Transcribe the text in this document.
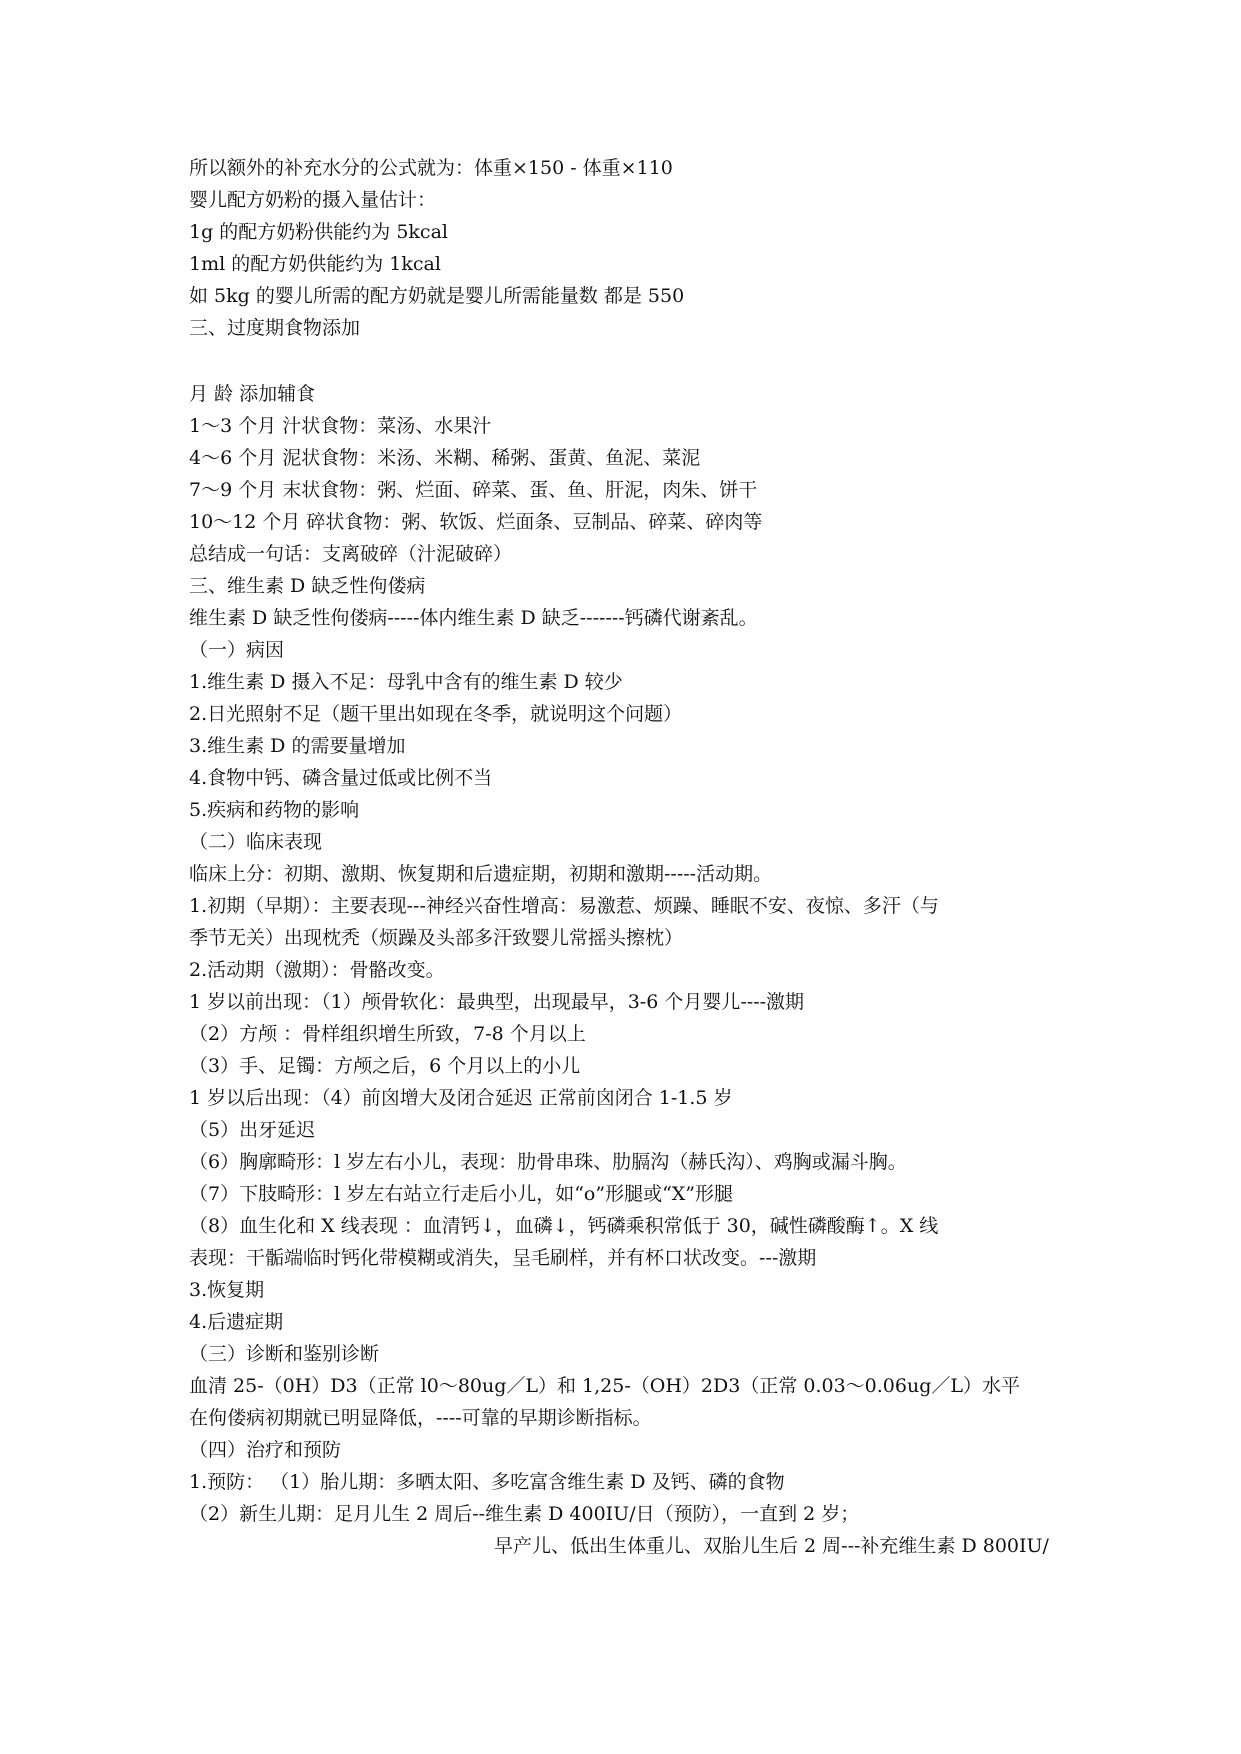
所以额外的补充水分的公式就为：体重×150 - 体重×110
婴儿配方奶粉的摄入量估计：
1g 的配方奶粉供能约为 5kcal
1ml 的配方奶供能约为 1kcal
如 5kg 的婴儿所需的配方奶就是婴儿所需能量数 都是 550
三、过度期食物添加
月 龄 添加辅食
1～3 个月 汁状食物：菜汤、水果汁
4～6 个月 泥状食物：米汤、米糊、稀粥、蛋黄、鱼泥、菜泥
7～9 个月 末状食物：粥、烂面、碎菜、蛋、鱼、肝泥，肉朱、饼干
10～12 个月 碎状食物：粥、软饭、烂面条、豆制品、碎菜、碎肉等
总结成一句话：支离破碎（汁泥破碎）
三、维生素 D 缺乏性佝偻病
维生素 D 缺乏性佝偻病-----体内维生素 D 缺乏-------钙磷代谢紊乱。
（一）病因
1.维生素 D 摄入不足：母乳中含有的维生素 D 较少
2.日光照射不足（题干里出如现在冬季，就说明这个问题）
3.维生素 D 的需要量增加
4.食物中钙、磷含量过低或比例不当
5.疾病和药物的影响
（二）临床表现
临床上分：初期、激期、恢复期和后遗症期，初期和激期-----活动期。
1.初期（早期）：主要表现---神经兴奋性增高：易激惹、烦躁、睡眠不安、夜惊、多汗（与
季节无关）出现枕秃（烦躁及头部多汗致婴儿常摇头擦枕）
2.活动期（激期）：骨骼改变。
1 岁以前出现：（1）颅骨软化：最典型，出现最早，3-6 个月婴儿----激期
（2）方颅 ：骨样组织增生所致，7-8 个月以上
（3）手、足镯：方颅之后，6 个月以上的小儿
1 岁以后出现：（4）前囟增大及闭合延迟 正常前囟闭合 1-1.5 岁
（5）出牙延迟
（6）胸廓畸形：l 岁左右小儿，表现：肋骨串珠、肋膈沟（赫氏沟）、鸡胸或漏斗胸。
（7）下肢畸形：l 岁左右站立行走后小儿，如“o”形腿或“X”形腿
（8）血生化和 X 线表现 ：血清钙↓，血磷↓，钙磷乘积常低于 30，碱性磷酸酶↑。X 线
表现：干骺端临时钙化带模糊或消失，呈毛刷样，并有杯口状改变。---激期
3.恢复期
4.后遗症期
（三）诊断和鉴别诊断
血清 25-（0H）D3（正常 l0～80ug／L）和 1,25-（OH）2D3（正常 0.03～0.06ug／L）水平
在佝偻病初期就已明显降低，----可靠的早期诊断指标。
（四）治疗和预防
1.预防： （1）胎儿期：多晒太阳、多吃富含维生素 D 及钙、磷的食物
（2）新生儿期：足月儿生 2 周后--维生素 D 400IU/日（预防），一直到 2 岁；
早产儿、低出生体重儿、双胎儿生后 2 周---补充维生素 D 800IU/
